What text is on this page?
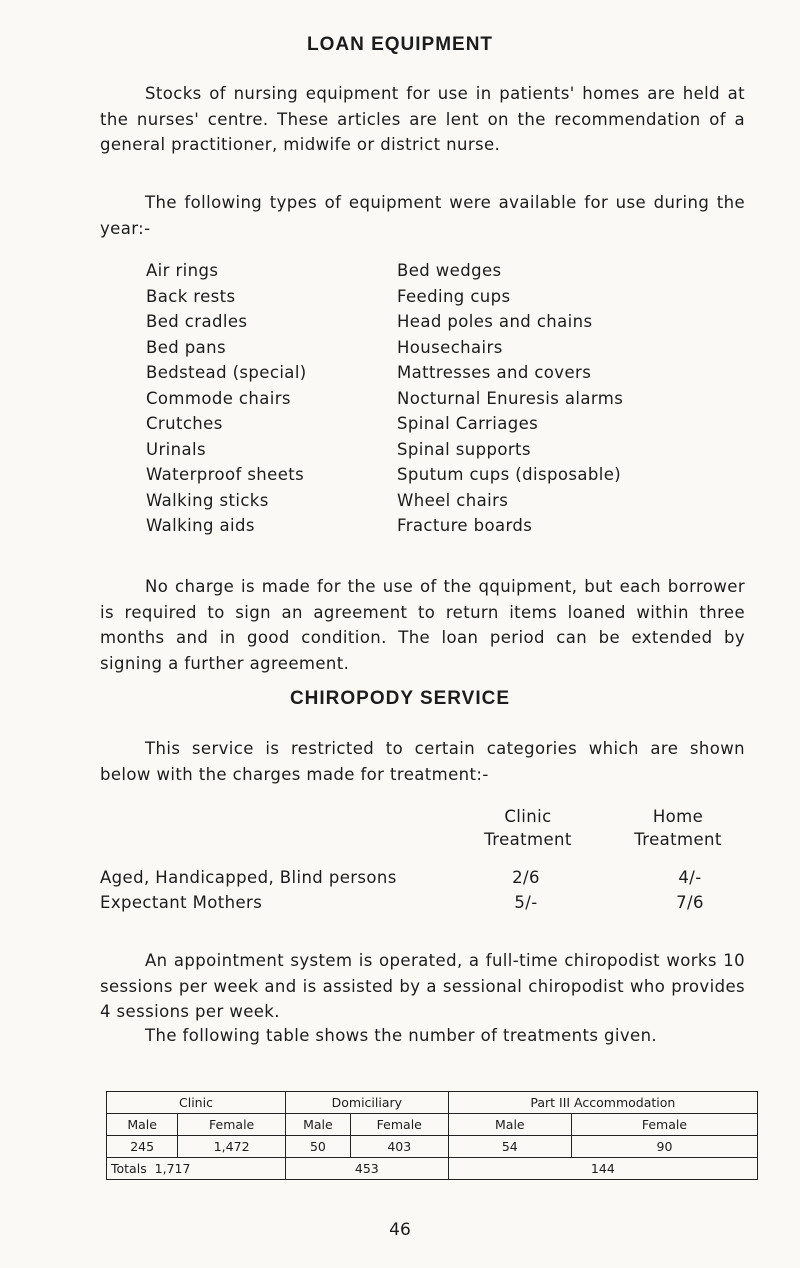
LOAN EQUIPMENT
Stocks of nursing equipment for use in patients' homes are held at the nurses' centre. These articles are lent on the recommendation of a general practitioner, midwife or district nurse.
The following types of equipment were available for use during the year:-
Air rings
Back rests
Bed cradles
Bed pans
Bedstead (special)
Commode chairs
Crutches
Urinals
Waterproof sheets
Walking sticks
Walking aids
Bed wedges
Feeding cups
Head poles and chains
Housechairs
Mattresses and covers
Nocturnal Enuresis alarms
Spinal Carriages
Spinal supports
Sputum cups (disposable)
Wheel chairs
Fracture boards
No charge is made for the use of the qquipment, but each borrower is required to sign an agreement to return items loaned within three months and in good condition. The loan period can be extended by signing a further agreement.
CHIROPODY SERVICE
This service is restricted to certain categories which are shown below with the charges made for treatment:-
Clinic
Treatment
Home
Treatment
Aged, Handicapped, Blind persons	2/6	4/-
Expectant Mothers	5/-	7/6
An appointment system is operated, a full-time chiropodist works 10 sessions per week and is assisted by a sessional chiropodist who provides 4 sessions per week.
The following table shows the number of treatments given.
Clinic		Domiciliary		Part III Accommodation	
Male	Female	Male	Female	Male	Female
245	1,472	50	403	54	90
Totals 1,717		453		144	
46
